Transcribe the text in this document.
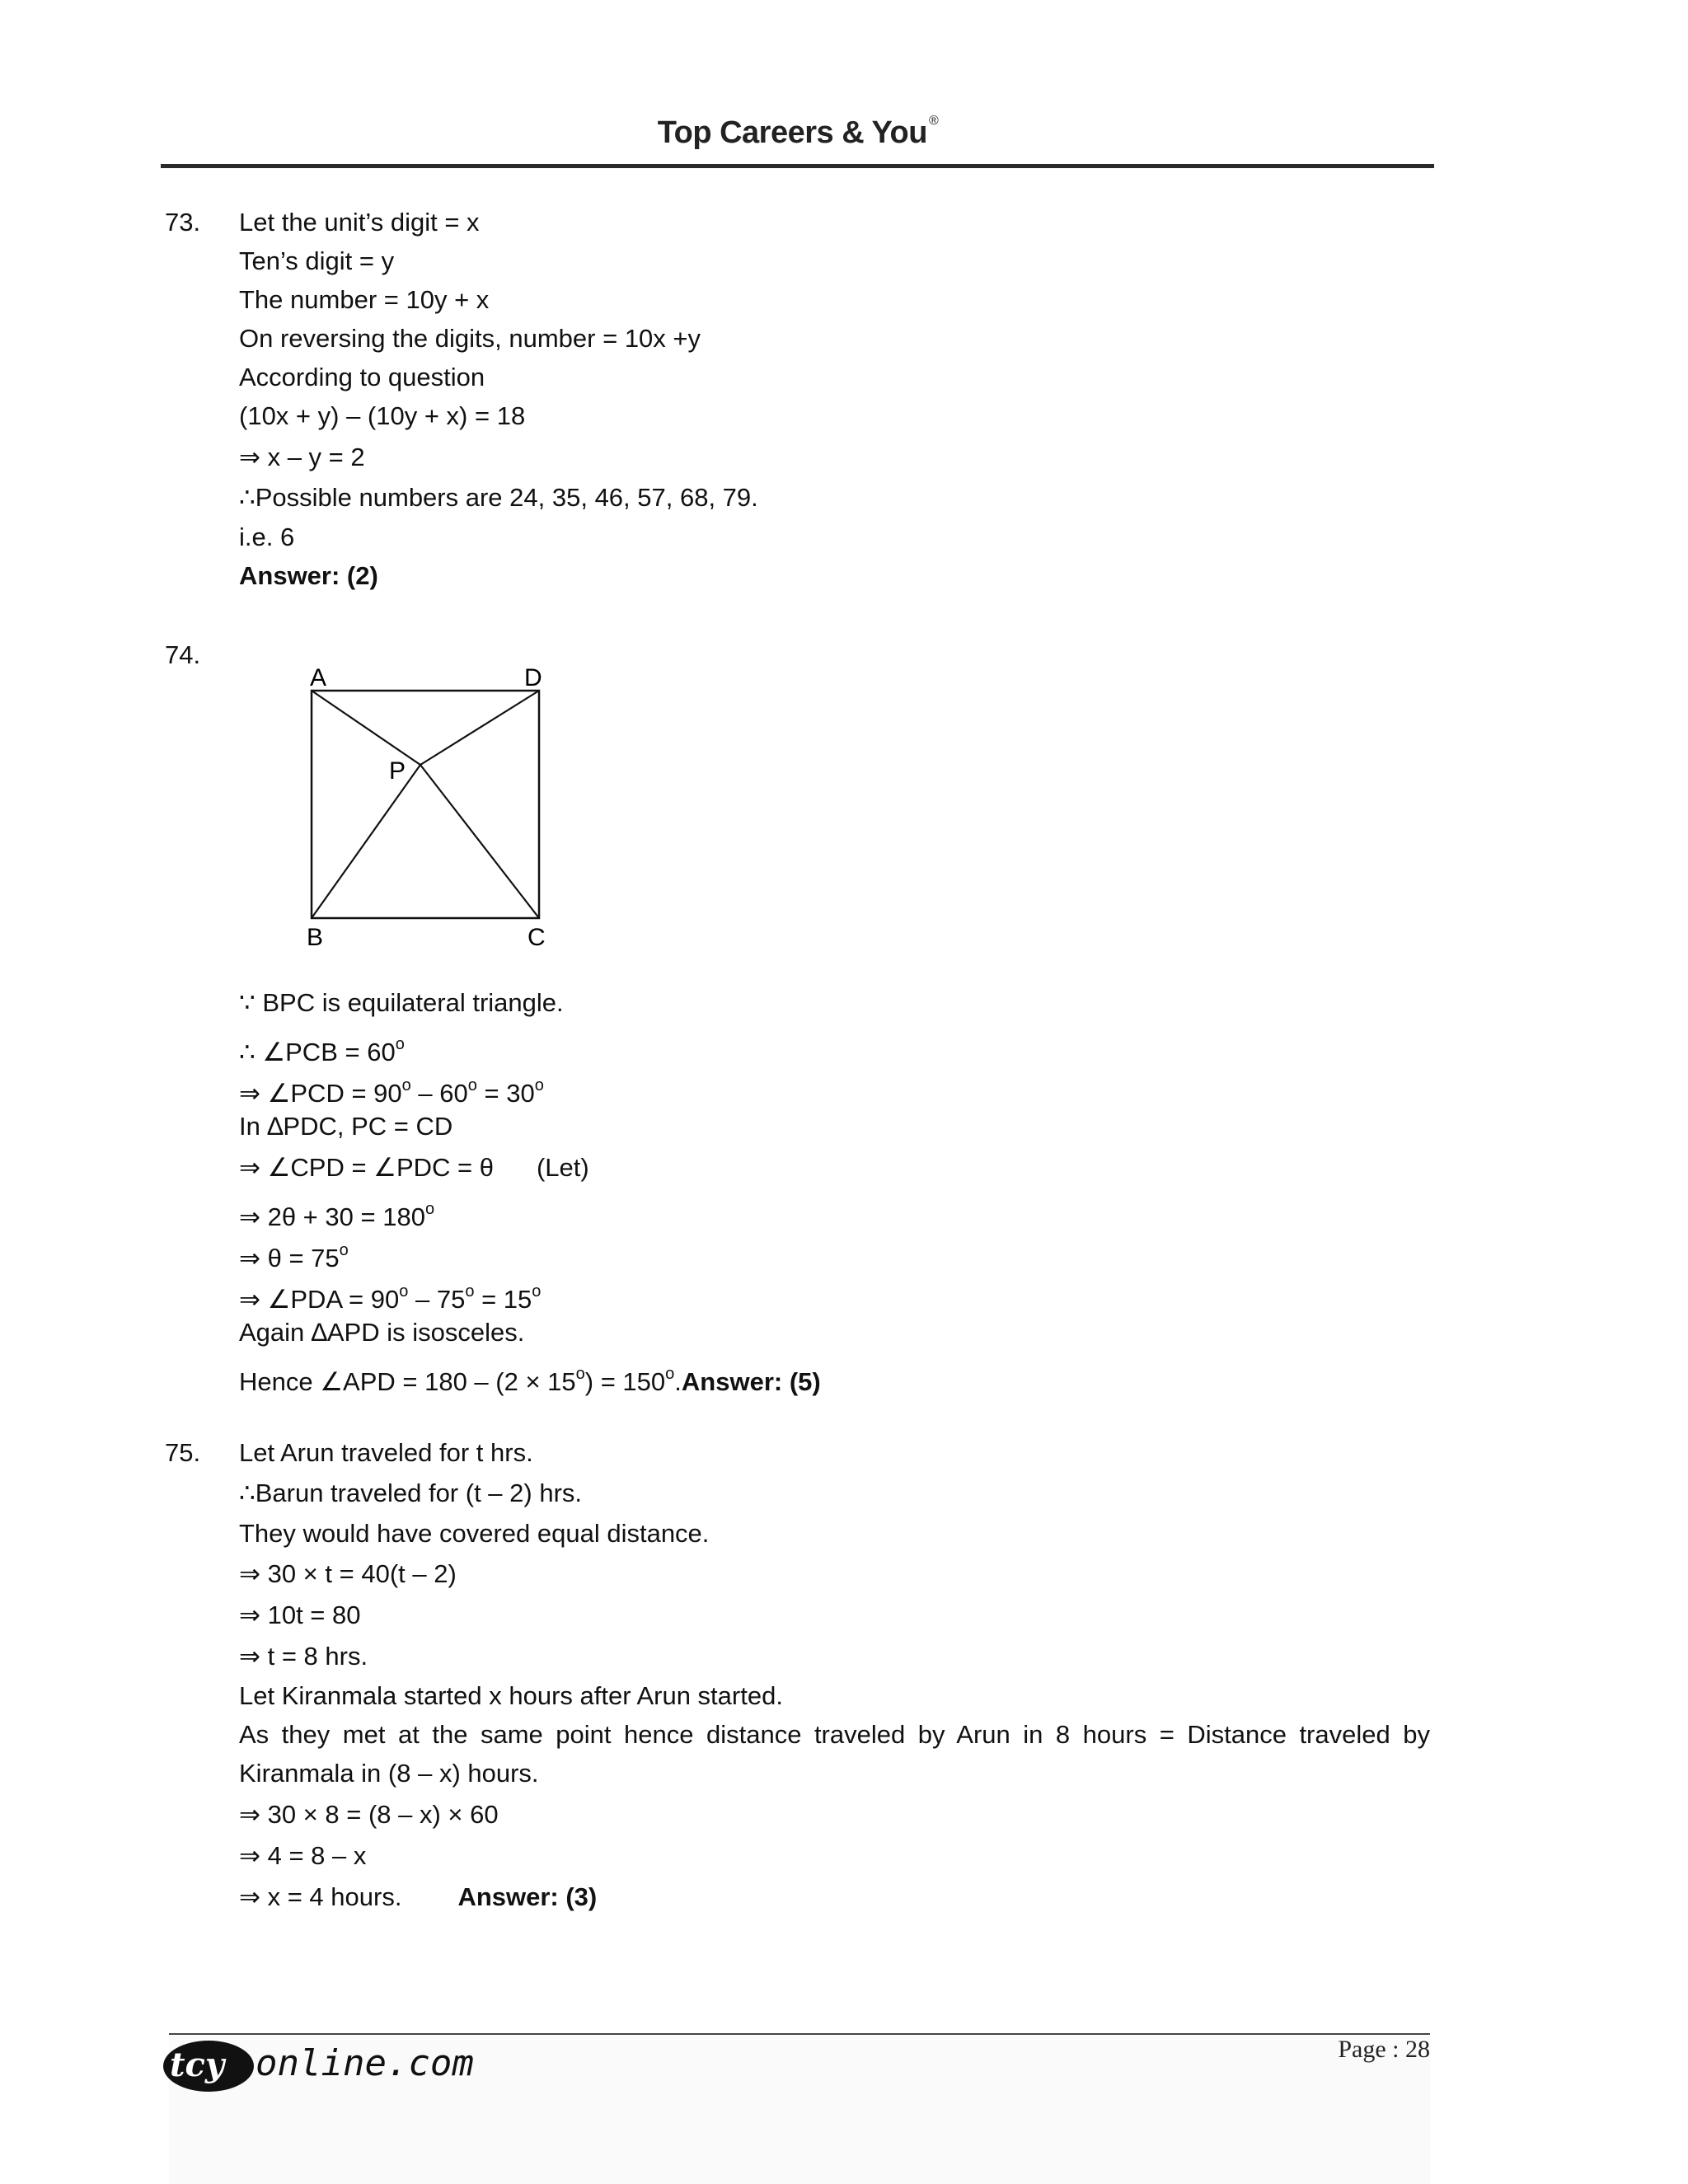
Top Careers & You ®
73. Let the unit’s digit = x
Ten’s digit = y
The number = 10y + x
On reversing the digits, number = 10x +y
According to question
(10x + y) – (10y + x) = 18
⇒ x – y = 2
∴Possible numbers are 24, 35, 46, 57, 68, 79.
i.e. 6
Answer: (2)
74.
A	D
P
B	C
∵ BPC is equilateral triangle.
∴ ∠PCB = $60^o$
⇒ ∠PCD = $90^o - 60^o = 30^o$
In ∆PDC, PC = CD
⇒ ∠CPD = ∠PDC = θ (Let)
⇒ $2\theta + 30 = 180^o$
⇒ $\theta = 75^o$
⇒ ∠PDA = $90^o - 75^o = 15^o$
Again ∆APD is isosceles.
Hence ∠APD = $180 - (2 \times 15^o)$ = $150^o.Answer$: (5)
75. Let Arun traveled for t hrs.
∴Barun traveled for (t – 2) hrs.
They would have covered equal distance.
⇒ 30 × t = 40(t – 2)
⇒ 10t = 80
⇒ t = 8 hrs.
Let Kiranmala started x hours after Arun started.
As they met at the same point hence distance traveled by Arun in 8 hours = Distance traveled by
Kiranmala in (8 – x) hours.
⇒ 30 × 8 = (8 – x) × 60
⇒ 4 = 8 – x
⇒ x = 4 hours. Answer: (3)
tcy online.com	Page : 28
